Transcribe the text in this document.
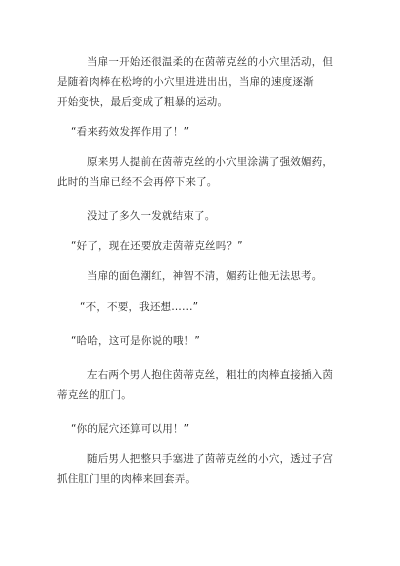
当扉一开始还很温柔的在茵蒂克丝的小穴里活动，但
是随着肉棒在松垮的小穴里进进出出，当扉的速度逐渐
开始变快，最后变成了粗暴的运动。
“看来药效发挥作用了！”
原来男人提前在茵蒂克丝的小穴里涂满了强效媚药，
此时的当扉已经不会再停下来了。
没过了多久一发就结束了。
“好了，现在还要放走茵蒂克丝吗？”
当扉的面色潮红，神智不清，媚药让他无法思考。
“不，不要，我还想……”
“哈哈，这可是你说的哦！”
左右两个男人抱住茵蒂克丝，粗壮的肉棒直接插入茵
蒂克丝的肛门。
“你的屁穴还算可以用！”
随后男人把整只手塞进了茵蒂克丝的小穴，透过子宫
抓住肛门里的肉棒来回套弄。
